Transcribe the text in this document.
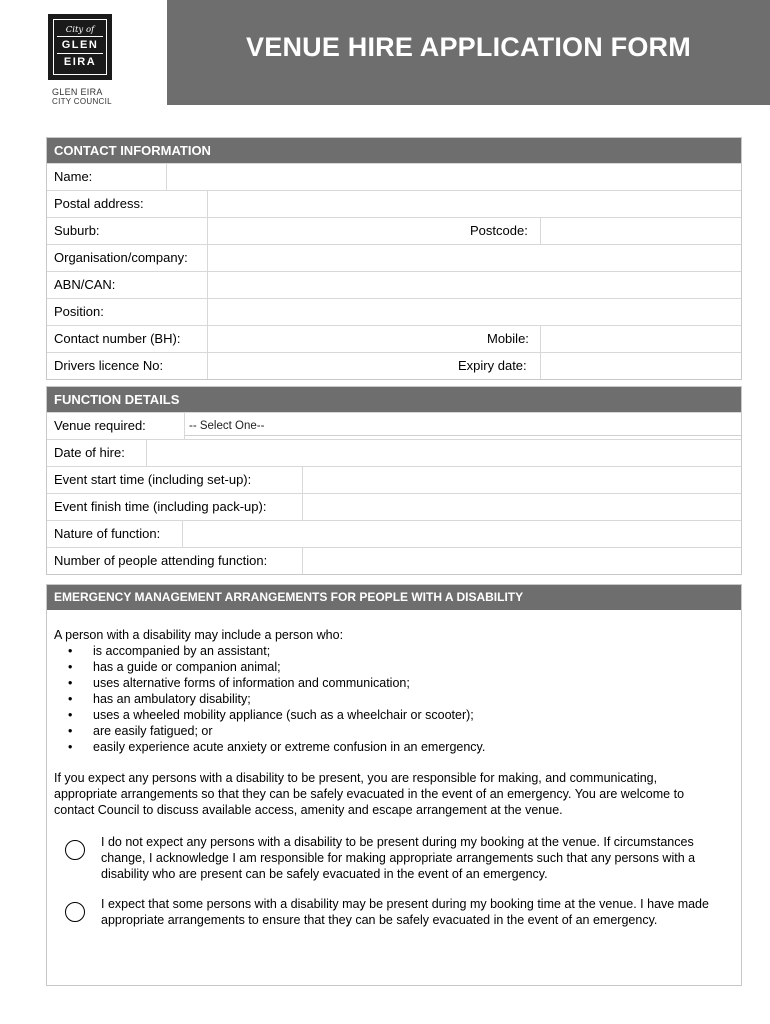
City of
GLEN
EIRA
GLEN EIRA
CITY COUNCIL
VENUE HIRE APPLICATION FORM
CONTACT INFORMATION
Name:
Postal address:
Suburb:	Postcode:
Organisation/company:
ABN/CAN:
Position:
Contact number (BH):	Mobile:
Drivers licence No:	Expiry date:
FUNCTION DETAILS
Venue required:	-- Select One--
Date of hire:
Event start time (including set-up):
Event finish time (including pack-up):
Nature of function:
Number of people attending function:
EMERGENCY MANAGEMENT ARRANGEMENTS FOR PEOPLE WITH A DISABILITY
A person with a disability may include a person who:
• is accompanied by an assistant;
• has a guide or companion animal;
• uses alternative forms of information and communication;
• has an ambulatory disability;
• uses a wheeled mobility appliance (such as a wheelchair or scooter);
• are easily fatigued; or
• easily experience acute anxiety or extreme confusion in an emergency.
If you expect any persons with a disability to be present, you are responsible for making, and communicating, appropriate arrangements so that they can be safely evacuated in the event of an emergency. You are welcome to contact Council to discuss available access, amenity and escape arrangement at the venue.
I do not expect any persons with a disability to be present during my booking at the venue. If circumstances change, I acknowledge I am responsible for making appropriate arrangements such that any persons with a disability who are present can be safely evacuated in the event of an emergency.
I expect that some persons with a disability may be present during my booking time at the venue. I have made appropriate arrangements to ensure that they can be safely evacuated in the event of an emergency.
